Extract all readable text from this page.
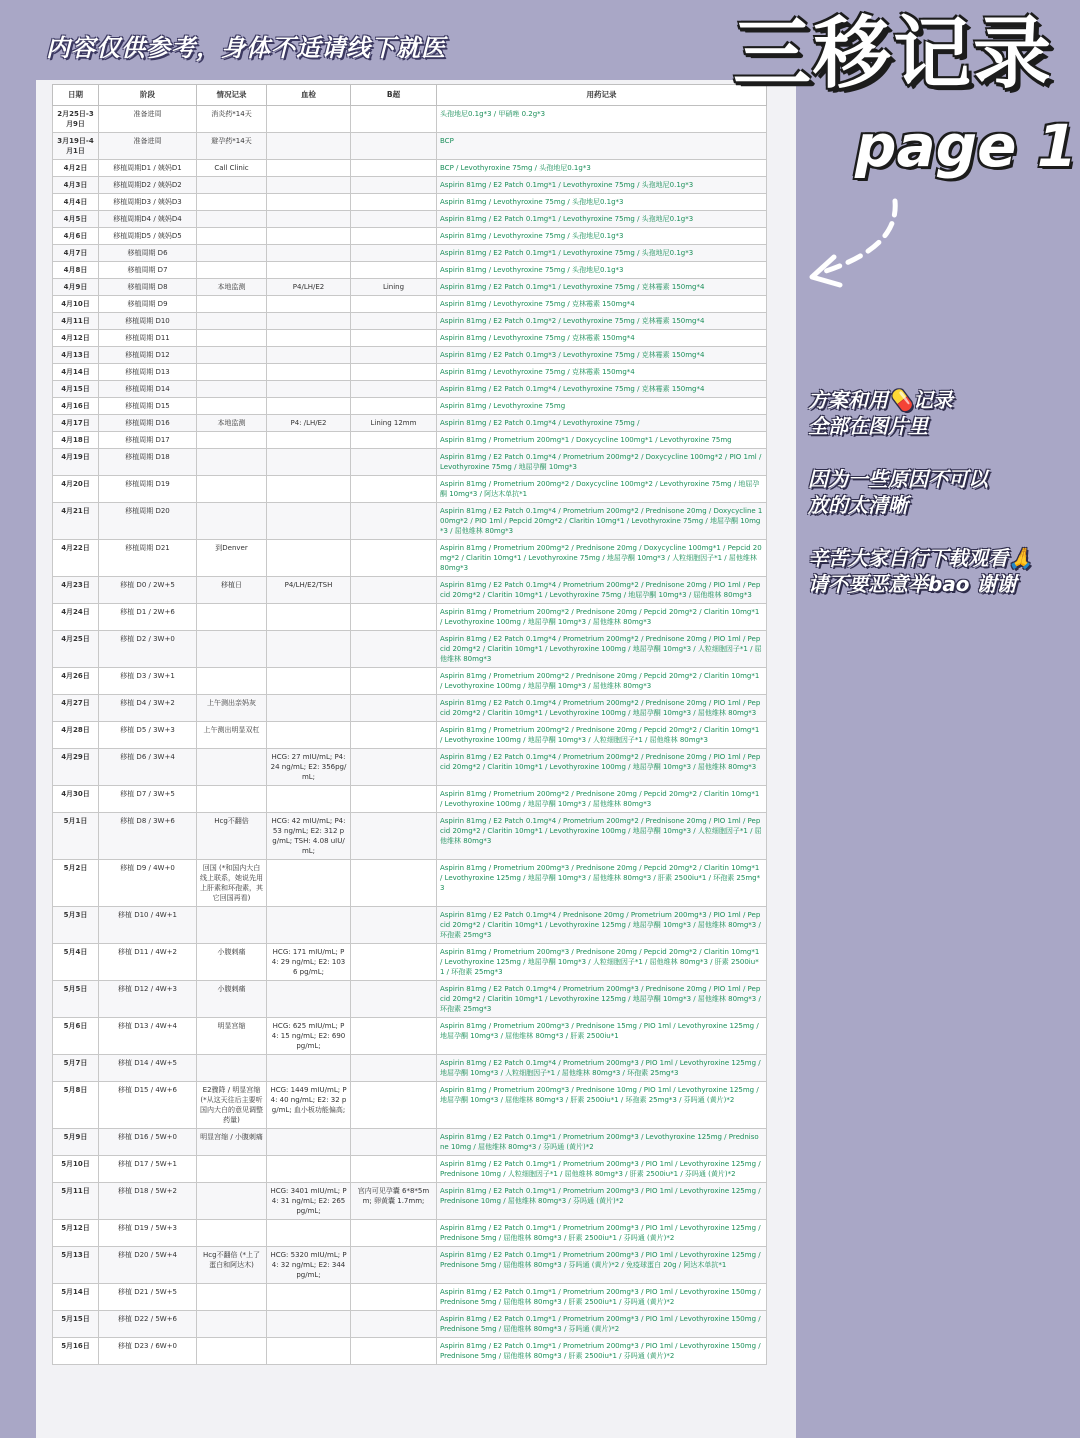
内容仅供参考，身体不适请线下就医
日期	阶段	情况记录	血检	B超	用药记录
2月25日-3月9日	准备进周	消炎药*14天			头孢地尼0.1g*3 / 甲硝唑 0.2g*3
3月19日-4月1日	准备进周	避孕药*14天			BCP
4月2日	移植周期D1 / 姨妈D1	Call Clinic			BCP / Levothyroxine 75mg / 头孢地尼0.1g*3
4月3日	移植周期D2 / 姨妈D2				Aspirin 81mg / E2 Patch 0.1mg*1 / Levothyroxine 75mg / 头孢地尼0.1g*3
4月4日	移植周期D3 / 姨妈D3				Aspirin 81mg / Levothyroxine 75mg / 头孢地尼0.1g*3
4月5日	移植周期D4 / 姨妈D4				Aspirin 81mg / E2 Patch 0.1mg*1 / Levothyroxine 75mg / 头孢地尼0.1g*3
4月6日	移植周期D5 / 姨妈D5				Aspirin 81mg / Levothyroxine 75mg / 头孢地尼0.1g*3
4月7日	移植周期 D6				Aspirin 81mg / E2 Patch 0.1mg*1 / Levothyroxine 75mg / 头孢地尼0.1g*3
4月8日	移植周期 D7				Aspirin 81mg / Levothyroxine 75mg / 头孢地尼0.1g*3
4月9日	移植周期 D8	本地监测	P4/LH/E2	Lining	Aspirin 81mg / E2 Patch 0.1mg*1 / Levothyroxine 75mg / 克林霉素 150mg*4
4月10日	移植周期 D9				Aspirin 81mg / Levothyroxine 75mg / 克林霉素 150mg*4
4月11日	移植周期 D10				Aspirin 81mg / E2 Patch 0.1mg*2 / Levothyroxine 75mg / 克林霉素 150mg*4
4月12日	移植周期 D11				Aspirin 81mg / Levothyroxine 75mg / 克林霉素 150mg*4
4月13日	移植周期 D12				Aspirin 81mg / E2 Patch 0.1mg*3 / Levothyroxine 75mg / 克林霉素 150mg*4
4月14日	移植周期 D13				Aspirin 81mg / Levothyroxine 75mg / 克林霉素 150mg*4
4月15日	移植周期 D14				Aspirin 81mg / E2 Patch 0.1mg*4 / Levothyroxine 75mg / 克林霉素 150mg*4
4月16日	移植周期 D15				Aspirin 81mg / Levothyroxine 75mg
4月17日	移植周期 D16	本地监测	P4: /LH/E2	Lining 12mm	Aspirin 81mg / E2 Patch 0.1mg*4 / Levothyroxine 75mg /
4月18日	移植周期 D17				Aspirin 81mg / Prometrium 200mg*1 / Doxycycline 100mg*1 / Levothyroxine 75mg
4月19日	移植周期 D18				Aspirin 81mg / E2 Patch 0.1mg*4 / Prometrium 200mg*2 / Doxycycline 100mg*2 / PIO 1ml / Levothyroxine 75mg / 地屈孕酮 10mg*3
4月20日	移植周期 D19				Aspirin 81mg / Prometrium 200mg*2 / Doxycycline 100mg*2 / Levothyroxine 75mg / 地屈孕酮 10mg*3 / 阿达木单抗*1
4月21日	移植周期 D20				Aspirin 81mg / E2 Patch 0.1mg*4 / Prometrium 200mg*2 / Prednisone 20mg / Doxycycline 100mg*2 / PIO 1ml / Pepcid 20mg*2 / Claritin 10mg*1 / Levothyroxine 75mg / 地屈孕酮 10mg*3 / 屈他维林 80mg*3
4月22日	移植周期 D21	到Denver			Aspirin 81mg / Prometrium 200mg*2 / Prednisone 20mg / Doxycycline 100mg*1 / Pepcid 20mg*2 / Claritin 10mg*1 / Levothyroxine 75mg / 地屈孕酮 10mg*3 / 人粒细胞因子*1 / 屈他维林 80mg*3
4月23日	移植 D0 / 2W+5	移植日	P4/LH/E2/TSH		Aspirin 81mg / E2 Patch 0.1mg*4 / Prometrium 200mg*2 / Prednisone 20mg / PIO 1ml / Pepcid 20mg*2 / Claritin 10mg*1 / Levothyroxine 75mg / 地屈孕酮 10mg*3 / 屈他维林 80mg*3
4月24日	移植 D1 / 2W+6				Aspirin 81mg / Prometrium 200mg*2 / Prednisone 20mg / Pepcid 20mg*2 / Claritin 10mg*1 / Levothyroxine 100mg / 地屈孕酮 10mg*3 / 屈他维林 80mg*3
4月25日	移植 D2 / 3W+0				Aspirin 81mg / E2 Patch 0.1mg*4 / Prometrium 200mg*2 / Prednisone 20mg / PIO 1ml / Pepcid 20mg*2 / Claritin 10mg*1 / Levothyroxine 100mg / 地屈孕酮 10mg*3 / 人粒细胞因子*1 / 屈他维林 80mg*3
4月26日	移植 D3 / 3W+1				Aspirin 81mg / Prometrium 200mg*2 / Prednisone 20mg / Pepcid 20mg*2 / Claritin 10mg*1 / Levothyroxine 100mg / 地屈孕酮 10mg*3 / 屈他维林 80mg*3
4月27日	移植 D4 / 3W+2	上午测出亲妈灰			Aspirin 81mg / E2 Patch 0.1mg*4 / Prometrium 200mg*2 / Prednisone 20mg / PIO 1ml / Pepcid 20mg*2 / Claritin 10mg*1 / Levothyroxine 100mg / 地屈孕酮 10mg*3 / 屈他维林 80mg*3
4月28日	移植 D5 / 3W+3	上午测出明显双杠			Aspirin 81mg / Prometrium 200mg*2 / Prednisone 20mg / Pepcid 20mg*2 / Claritin 10mg*1 / Levothyroxine 100mg / 地屈孕酮 10mg*3 / 人粒细胞因子*1 / 屈他维林 80mg*3
4月29日	移植 D6 / 3W+4		HCG: 27 mIU/mL; P4: 24 ng/mL; E2: 356pg/mL;		Aspirin 81mg / E2 Patch 0.1mg*4 / Prometrium 200mg*2 / Prednisone 20mg / PIO 1ml / Pepcid 20mg*2 / Claritin 10mg*1 / Levothyroxine 100mg / 地屈孕酮 10mg*3 / 屈他维林 80mg*3
4月30日	移植 D7 / 3W+5				Aspirin 81mg / Prometrium 200mg*2 / Prednisone 20mg / Pepcid 20mg*2 / Claritin 10mg*1 / Levothyroxine 100mg / 地屈孕酮 10mg*3 / 屈他维林 80mg*3
5月1日	移植 D8 / 3W+6	Hcg不翻倍	HCG: 42 mIU/mL; P4: 53 ng/mL; E2: 312 pg/mL; TSH: 4.08 uIU/mL;		Aspirin 81mg / E2 Patch 0.1mg*4 / Prometrium 200mg*2 / Prednisone 20mg / PIO 1ml / Pepcid 20mg*2 / Claritin 10mg*1 / Levothyroxine 100mg / 地屈孕酮 10mg*3 / 人粒细胞因子*1 / 屈他维林 80mg*3
5月2日	移植 D9 / 4W+0	回国 (*和国内大白线上联系，她说先用上肝素和环孢素，其它回国再看)			Aspirin 81mg / Prometrium 200mg*3 / Prednisone 20mg / Pepcid 20mg*2 / Claritin 10mg*1 / Levothyroxine 125mg / 地屈孕酮 10mg*3 / 屈他维林 80mg*3 / 肝素 2500iu*1 / 环孢素 25mg*3
5月3日	移植 D10 / 4W+1				Aspirin 81mg / E2 Patch 0.1mg*4 / Prednisone 20mg / Prometrium 200mg*3 / PIO 1ml / Pepcid 20mg*2 / Claritin 10mg*1 / Levothyroxine 125mg / 地屈孕酮 10mg*3 / 屈他维林 80mg*3 / 环孢素 25mg*3
5月4日	移植 D11 / 4W+2	小腹刺痛	HCG: 171 mIU/mL; P4: 29 ng/mL; E2: 1036 pg/mL;		Aspirin 81mg / Prometrium 200mg*3 / Prednisone 20mg / Pepcid 20mg*2 / Claritin 10mg*1 / Levothyroxine 125mg / 地屈孕酮 10mg*3 / 人粒细胞因子*1 / 屈他维林 80mg*3 / 肝素 2500iu*1 / 环孢素 25mg*3
5月5日	移植 D12 / 4W+3	小腹刺痛			Aspirin 81mg / E2 Patch 0.1mg*4 / Prometrium 200mg*3 / Prednisone 20mg / PIO 1ml / Pepcid 20mg*2 / Claritin 10mg*1 / Levothyroxine 125mg / 地屈孕酮 10mg*3 / 屈他维林 80mg*3 / 环孢素 25mg*3
5月6日	移植 D13 / 4W+4	明显宫缩	HCG: 625 mIU/mL; P4: 15 ng/mL; E2: 690 pg/mL;		Aspirin 81mg / Prometrium 200mg*3 / Prednisone 15mg / PIO 1ml / Levothyroxine 125mg / 地屈孕酮 10mg*3 / 屈他维林 80mg*3 / 肝素 2500iu*1
5月7日	移植 D14 / 4W+5				Aspirin 81mg / E2 Patch 0.1mg*4 / Prometrium 200mg*3 / PIO 1ml / Levothyroxine 125mg / 地屈孕酮 10mg*3 / 人粒细胞因子*1 / 屈他维林 80mg*3 / 环孢素 25mg*3
5月8日	移植 D15 / 4W+6	E2骤降 / 明显宫缩 (*从这天往后主要听国内大白的意见调整药量)	HCG: 1449 mIU/mL; P4: 40 ng/mL; E2: 32 pg/mL; 血小板功能偏高;		Aspirin 81mg / Prometrium 200mg*3 / Prednisone 10mg / PIO 1ml / Levothyroxine 125mg / 地屈孕酮 10mg*3 / 屈他维林 80mg*3 / 肝素 2500iu*1 / 环孢素 25mg*3 / 芬吗通 (黄片)*2
5月9日	移植 D16 / 5W+0	明显宫缩 / 小腹刺痛			Aspirin 81mg / E2 Patch 0.1mg*1 / Prometrium 200mg*3 / Levothyroxine 125mg / Prednisone 10mg / 屈他维林 80mg*3 / 芬吗通 (黄片)*2
5月10日	移植 D17 / 5W+1				Aspirin 81mg / E2 Patch 0.1mg*1 / Prometrium 200mg*3 / PIO 1ml / Levothyroxine 125mg / Prednisone 10mg / 人粒细胞因子*1 / 屈他维林 80mg*3 / 肝素 2500iu*1 / 芬吗通 (黄片)*2
5月11日	移植 D18 / 5W+2		HCG: 3401 mIU/mL; P4: 31 ng/mL; E2: 265 pg/mL;	宫内可见孕囊 6*8*5mm; 卵黄囊 1.7mm;	Aspirin 81mg / E2 Patch 0.1mg*1 / Prometrium 200mg*3 / PIO 1ml / Levothyroxine 125mg / Prednisone 10mg / 屈他维林 80mg*3 / 芬吗通 (黄片)*2
5月12日	移植 D19 / 5W+3				Aspirin 81mg / E2 Patch 0.1mg*1 / Prometrium 200mg*3 / PIO 1ml / Levothyroxine 125mg / Prednisone 5mg / 屈他维林 80mg*3 / 肝素 2500iu*1 / 芬吗通 (黄片)*2
5月13日	移植 D20 / 5W+4	Hcg不翻倍 (*上了蛋白和阿达木)	HCG: 5320 mIU/mL; P4: 32 ng/mL; E2: 344 pg/mL;		Aspirin 81mg / E2 Patch 0.1mg*1 / Prometrium 200mg*3 / PIO 1ml / Levothyroxine 125mg / Prednisone 5mg / 屈他维林 80mg*3 / 芬吗通 (黄片)*2 / 免疫球蛋白 20g / 阿达木单抗*1
5月14日	移植 D21 / 5W+5				Aspirin 81mg / E2 Patch 0.1mg*1 / Prometrium 200mg*3 / PIO 1ml / Levothyroxine 150mg / Prednisone 5mg / 屈他维林 80mg*3 / 肝素 2500iu*1 / 芬吗通 (黄片)*2
5月15日	移植 D22 / 5W+6				Aspirin 81mg / E2 Patch 0.1mg*1 / Prometrium 200mg*3 / PIO 1ml / Levothyroxine 150mg / Prednisone 5mg / 屈他维林 80mg*3 / 芬吗通 (黄片)*2
5月16日	移植 D23 / 6W+0				Aspirin 81mg / E2 Patch 0.1mg*1 / Prometrium 200mg*3 / PIO 1ml / Levothyroxine 150mg / Prednisone 5mg / 屈他维林 80mg*3 / 肝素 2500iu*1 / 芬吗通 (黄片)*2
三移记录
page 1
方案和用💊记录
全部在图片里
因为一些原因不可以
放的太清晰
辛苦大家自行下载观看🙏
请不要恶意举bao 谢谢
